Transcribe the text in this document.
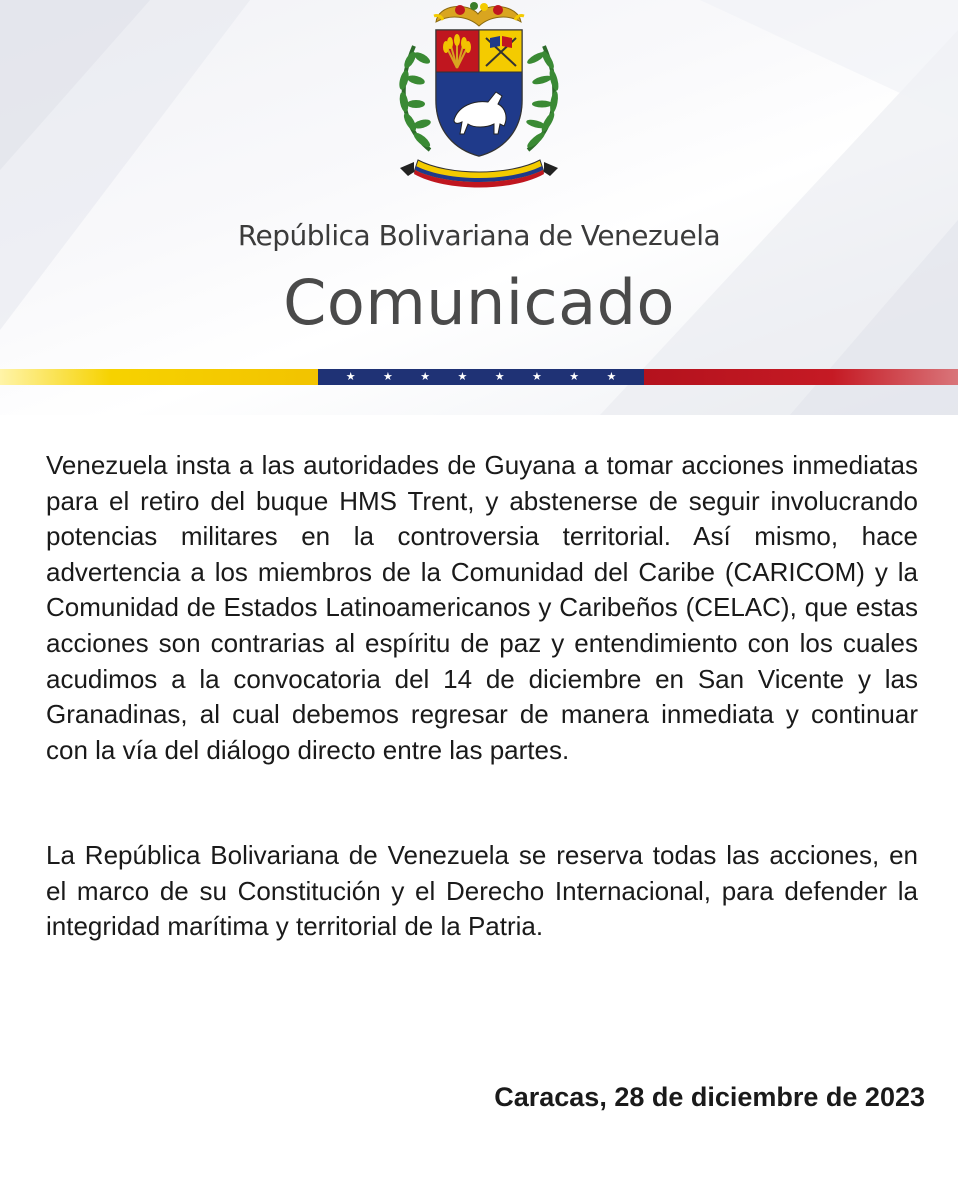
República Bolivariana de Venezuela
Comunicado
★ ★ ★ ★ ★ ★ ★ ★

Venezuela insta a las autoridades de Guyana a tomar acciones inmediatas para el retiro del buque HMS Trent, y abstenerse de seguir involucrando potencias militares en la controversia territorial. Así mismo, hace advertencia a los miembros de la Comunidad del Caribe (CARICOM) y la Comunidad de Estados Latinoamericanos y Caribeños (CELAC), que estas acciones son contrarias al espíritu de paz y entendimiento con los cuales acudimos a la convocatoria del 14 de diciembre en San Vicente y las Granadinas, al cual debemos regresar de manera inmediata y continuar con la vía del diálogo directo entre las partes.

La República Bolivariana de Venezuela se reserva todas las acciones, en el marco de su Constitución y el Derecho Internacional, para defender la integridad marítima y territorial de la Patria.

Caracas, 28 de diciembre de 2023
